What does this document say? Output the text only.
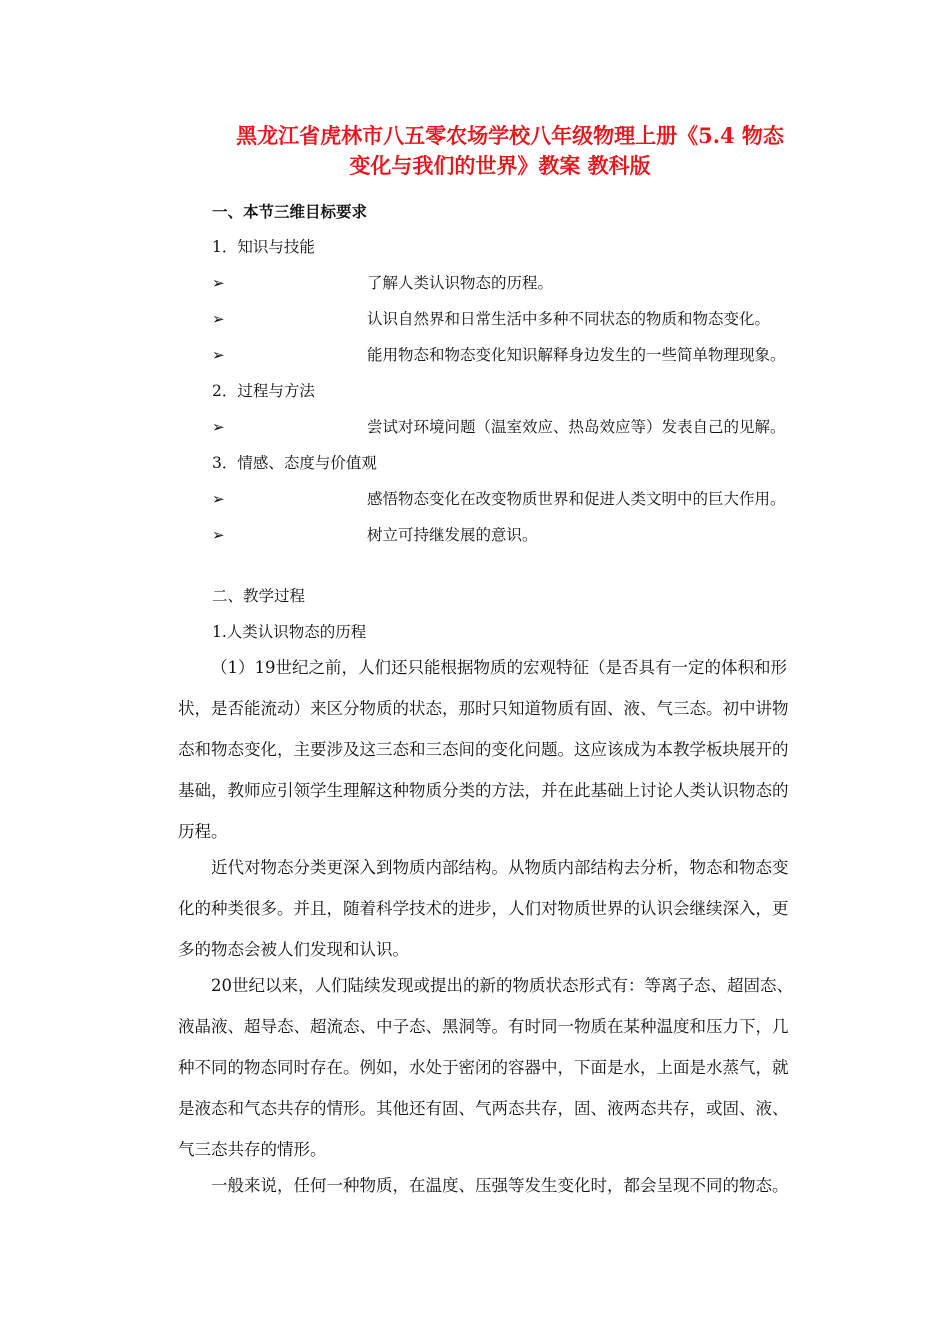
黑龙江省虎林市八五零农场学校八年级物理上册《5.4 物态
变化与我们的世界》教案 教科版
一、本节三维目标要求
1．知识与技能
➢	了解人类认识物态的历程。
➢	认识自然界和日常生活中多种不同状态的物质和物态变化。
➢	能用物态和物态变化知识解释身边发生的一些简单物理现象。
2．过程与方法
➢	尝试对环境问题（温室效应、热岛效应等）发表自己的见解。
3．情感、态度与价值观
➢	感悟物态变化在改变物质世界和促进人类文明中的巨大作用。
➢	树立可持继发展的意识。
二、教学过程
1.人类认识物态的历程
（1）19世纪之前，人们还只能根据物质的宏观特征（是否具有一定的体积和形
状，是否能流动）来区分物质的状态，那时只知道物质有固、液、气三态。初中讲物
态和物态变化，主要涉及这三态和三态间的变化问题。这应该成为本教学板块展开的
基础，教师应引领学生理解这种物质分类的方法，并在此基础上讨论人类认识物态的
历程。
近代对物态分类更深入到物质内部结构。从物质内部结构去分析，物态和物态变
化的种类很多。并且，随着科学技术的进步，人们对物质世界的认识会继续深入，更
多的物态会被人们发现和认识。
20世纪以来，人们陆续发现或提出的新的物质状态形式有：等离子态、超固态、
液晶液、超导态、超流态、中子态、黑洞等。有时同一物质在某种温度和压力下，几
种不同的物态同时存在。例如，水处于密闭的容器中，下面是水，上面是水蒸气，就
是液态和气态共存的情形。其他还有固、气两态共存，固、液两态共存，或固、液、
气三态共存的情形。
一般来说，任何一种物质，在温度、压强等发生变化时，都会呈现不同的物态。
